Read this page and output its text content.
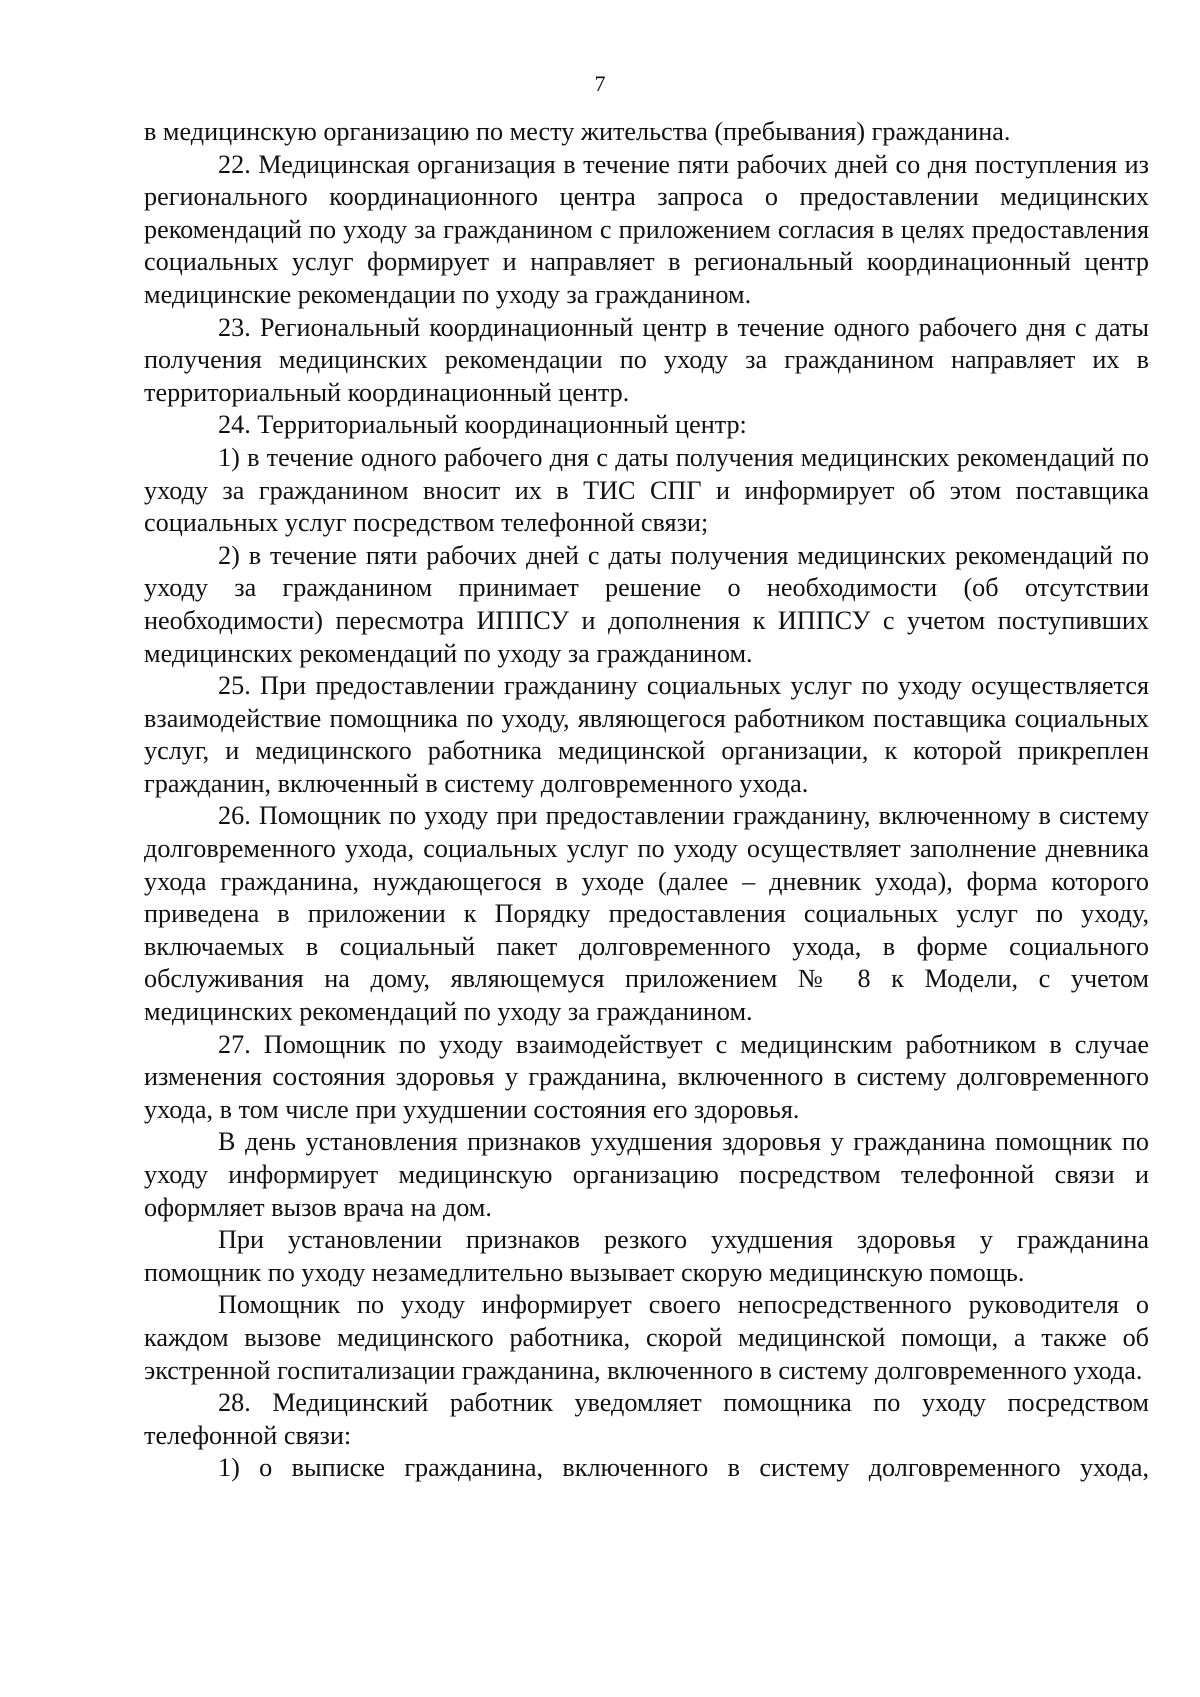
7

в медицинскую организацию по месту жительства (пребывания) гражданина.

22. Медицинская организация в течение пяти рабочих дней со дня поступления из регионального координационного центра запроса о предоставлении медицинских рекомендаций по уходу за гражданином с приложением согласия в целях предоставления социальных услуг формирует и направляет в региональный координационный центр медицинские рекомендации по уходу за гражданином.

23. Региональный координационный центр в течение одного рабочего дня с даты получения медицинских рекомендации по уходу за гражданином направляет их в территориальный координационный центр.

24. Территориальный координационный центр:

1) в течение одного рабочего дня с даты получения медицинских рекомендаций по уходу за гражданином вносит их в ТИС СПГ и информирует об этом поставщика социальных услуг посредством телефонной связи;

2) в течение пяти рабочих дней с даты получения медицинских рекомендаций по уходу за гражданином принимает решение о необходимости (об отсутствии необходимости) пересмотра ИППСУ и дополнения к ИППСУ с учетом поступивших медицинских рекомендаций по уходу за гражданином.

25. При предоставлении гражданину социальных услуг по уходу осуществляется взаимодействие помощника по уходу, являющегося работником поставщика социальных услуг, и медицинского работника медицинской организации, к которой прикреплен гражданин, включенный в систему долговременного ухода.

26. Помощник по уходу при предоставлении гражданину, включенному в систему долговременного ухода, социальных услуг по уходу осуществляет заполнение дневника ухода гражданина, нуждающегося в уходе (далее – дневник ухода), форма которого приведена в приложении к Порядку предоставления социальных услуг по уходу, включаемых в социальный пакет долговременного ухода, в форме социального обслуживания на дому, являющемуся приложением № 8 к Модели, с учетом медицинских рекомендаций по уходу за гражданином.

27. Помощник по уходу взаимодействует с медицинским работником в случае изменения состояния здоровья у гражданина, включенного в систему долговременного ухода, в том числе при ухудшении состояния его здоровья.

В день установления признаков ухудшения здоровья у гражданина помощник по уходу информирует медицинскую организацию посредством телефонной связи и оформляет вызов врача на дом.

При установлении признаков резкого ухудшения здоровья у гражданина помощник по уходу незамедлительно вызывает скорую медицинскую помощь.

Помощник по уходу информирует своего непосредственного руководителя о каждом вызове медицинского работника, скорой медицинской помощи, а также об экстренной госпитализации гражданина, включенного в систему долговременного ухода.

28. Медицинский работник уведомляет помощника по уходу посредством телефонной связи:

1) о выписке гражданина, включенного в систему долговременного ухода,
